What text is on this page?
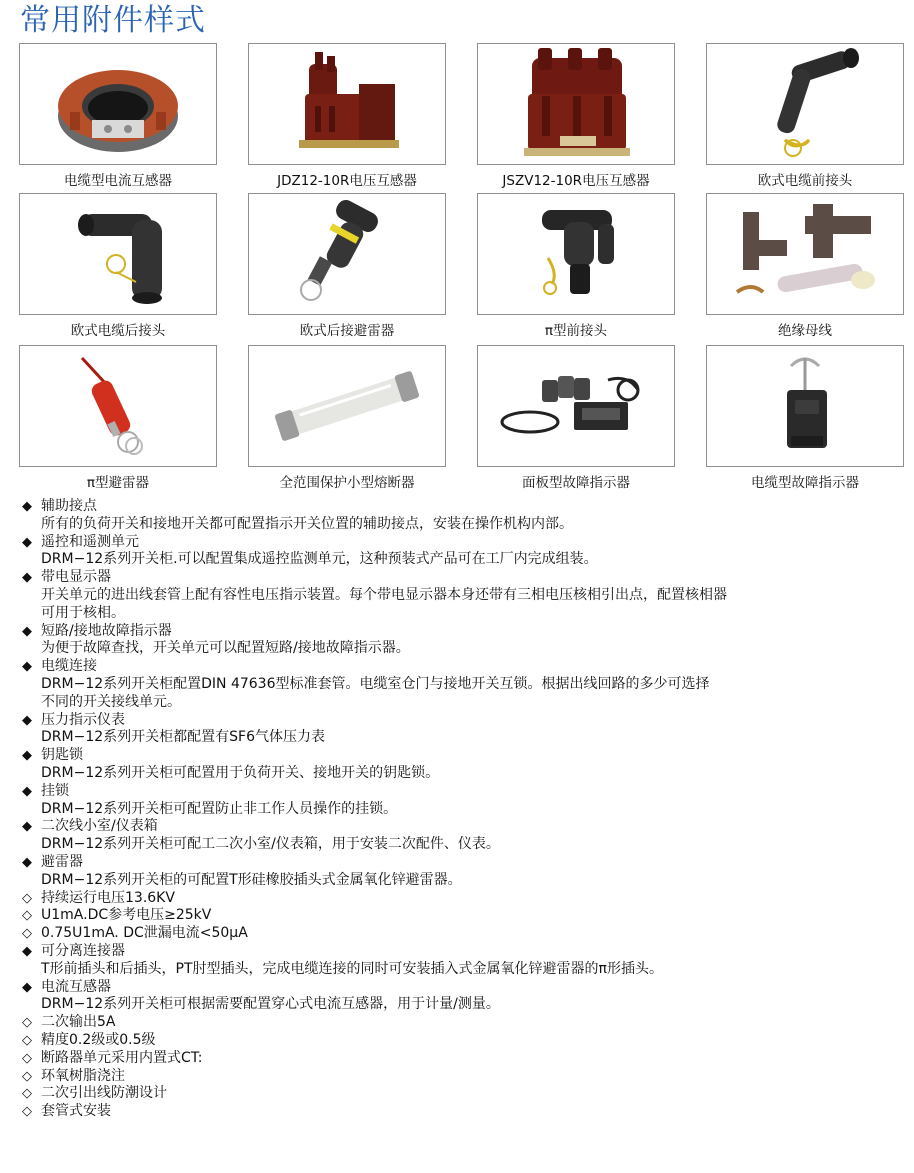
常用附件样式
电缆型电流互感器	JDZ12-10R电压互感器	JSZV12-10R电压互感器	欧式电缆前接头
欧式电缆后接头	欧式后接避雷器	π型前接头	绝缘母线
π型避雷器	全范围保护小型熔断器	面板型故障指示器	电缆型故障指示器
◆ 辅助接点
所有的负荷开关和接地开关都可配置指示开关位置的辅助接点，安装在操作机构内部。
◆ 遥控和遥测单元
DRM−12系列开关柜.可以配置集成遥控监测单元，这种预装式产品可在工厂内完成组装。
◆ 带电显示器
开关单元的进出线套管上配有容性电压指示装置。每个带电显示器本身还带有三相电压核相引出点，配置核相器
可用于核相。
◆ 短路/接地故障指示器
为便于故障查找，开关单元可以配置短路/接地故障指示器。
◆ 电缆连接
DRM−12系列开关柜配置DIN 47636型标准套管。电缆室仓门与接地开关互锁。根据出线回路的多少可选择
不同的开关接线单元。
◆ 压力指示仪表
DRM−12系列开关柜都配置有SF6气体压力表
◆ 钥匙锁
DRM−12系列开关柜可配置用于负荷开关、接地开关的钥匙锁。
◆ 挂锁
DRM−12系列开关柜可配置防止非工作人员操作的挂锁。
◆ 二次线小室/仪表箱
DRM−12系列开关柜可配工二次小室/仪表箱，用于安装二次配件、仪表。
◆ 避雷器
DRM−12系列开关柜的可配置T形硅橡胶插头式金属氧化锌避雷器。
◇ 持续运行电压13.6KV
◇ U1mA.DC参考电压≥25kV
◇ 0.75U1mA. DC泄漏电流<50μA
◆ 可分离连接器
T形前插头和后插头，PT肘型插头，完成电缆连接的同时可安装插入式金属氧化锌避雷器的π形插头。
◆ 电流互感器
DRM−12系列开关柜可根据需要配置穿心式电流互感器，用于计量/测量。
◇ 二次输出5A
◇ 精度0.2级或0.5级
◇ 断路器单元采用内置式CT:
◇ 环氧树脂浇注
◇ 二次引出线防潮设计
◇ 套管式安装
